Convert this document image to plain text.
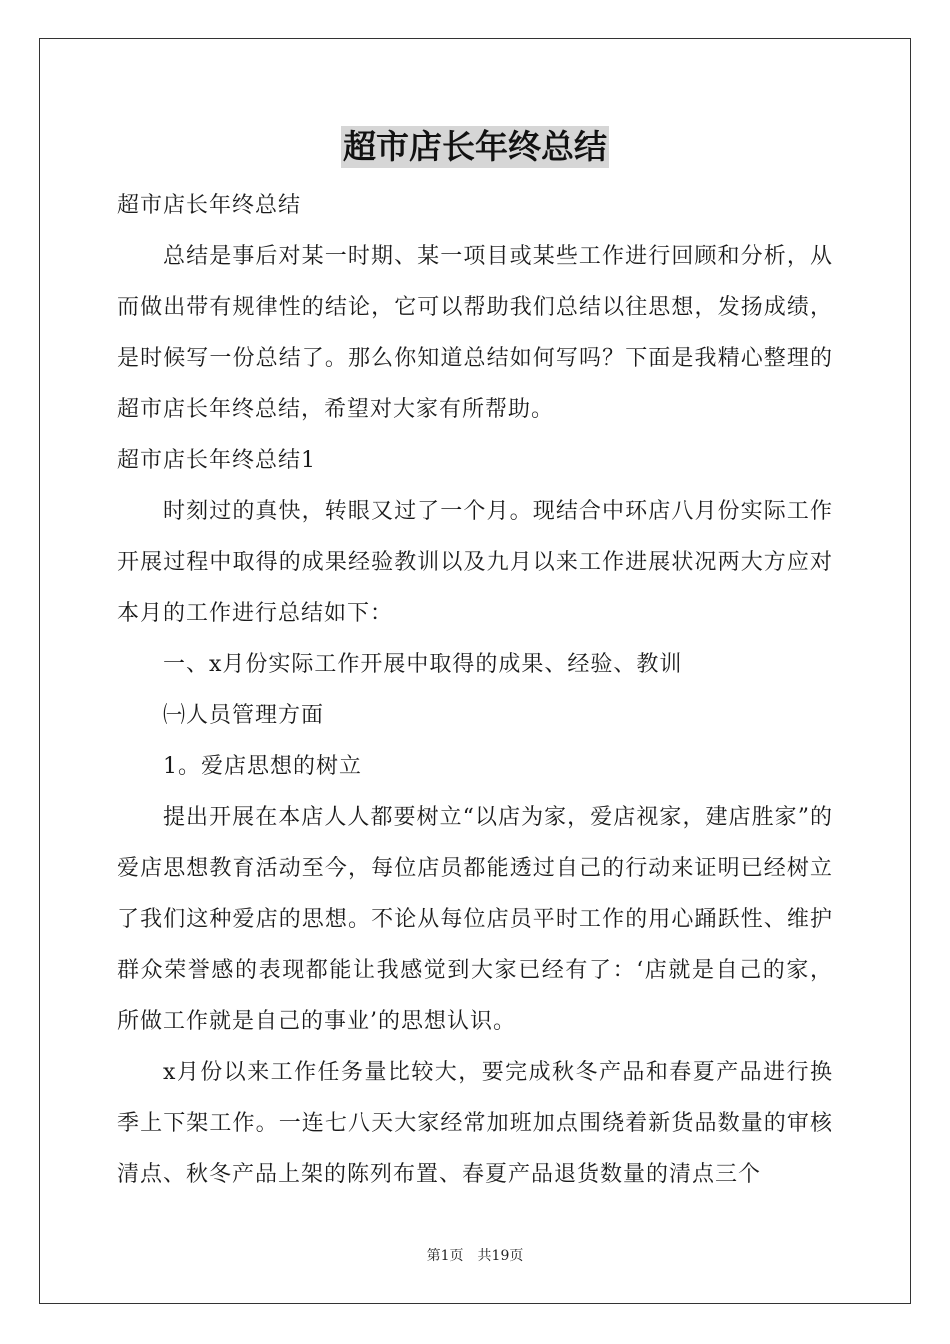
超市店长年终总结

超市店长年终总结

总结是事后对某一时期、某一项目或某些工作进行回顾和分析，从而做出带有规律性的结论，它可以帮助我们总结以往思想，发扬成绩，是时候写一份总结了。那么你知道总结如何写吗？下面是我精心整理的超市店长年终总结，希望对大家有所帮助。

超市店长年终总结1

时刻过的真快，转眼又过了一个月。现结合中环店八月份实际工作开展过程中取得的成果经验教训以及九月以来工作进展状况两大方应对本月的工作进行总结如下：

一、x月份实际工作开展中取得的成果、经验、教训

㈠人员管理方面

1。爱店思想的树立

提出开展在本店人人都要树立“以店为家，爱店视家，建店胜家”的爱店思想教育活动至今，每位店员都能透过自己的行动来证明已经树立了我们这种爱店的思想。不论从每位店员平时工作的用心踊跃性、维护群众荣誉感的表现都能让我感觉到大家已经有了：‘店就是自己的家，所做工作就是自己的事业’的思想认识。

x月份以来工作任务量比较大，要完成秋冬产品和春夏产品进行换季上下架工作。一连七八天大家经常加班加点围绕着新货品数量的审核清点、秋冬产品上架的陈列布置、春夏产品退货数量的清点三个

第1页　共19页
